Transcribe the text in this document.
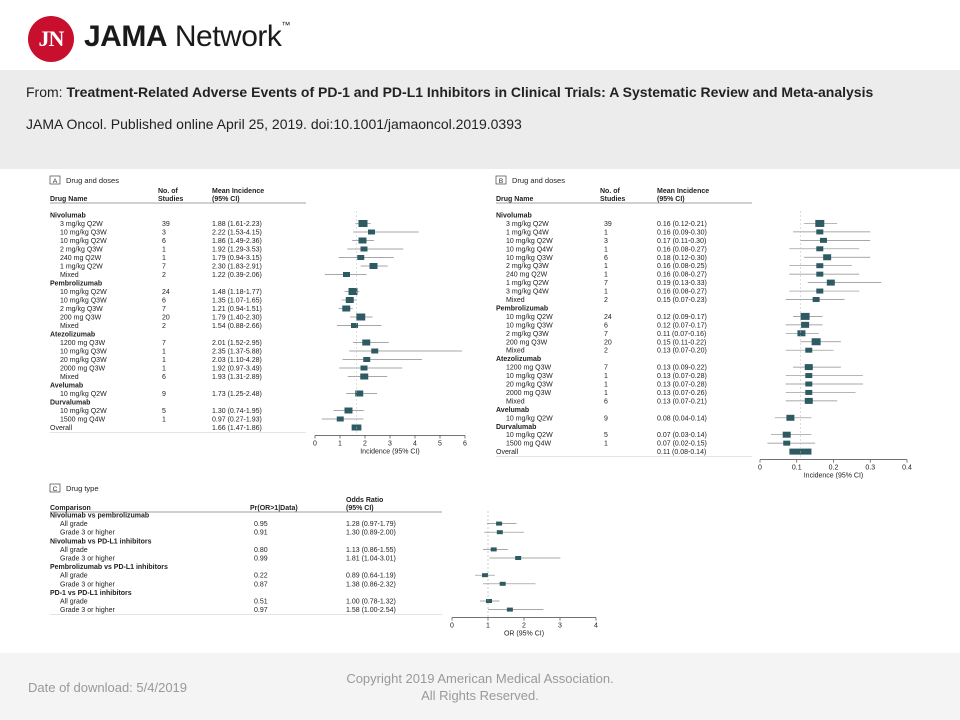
JN JAMA Network™
From: Treatment-Related Adverse Events of PD-1 and PD-L1 Inhibitors in Clinical Trials: A Systematic Review and Meta-analysis
JAMA Oncol. Published online April 25, 2019. doi:10.1001/jamaoncol.2019.0393
A Drug and doses
Drug Name
No. of
Studies
Mean Incidence
(95% CI)
Nivolumab
3 mg/kg Q2W	39	1.88 (1.61-2.23)
10 mg/kg Q3W	3	2.22 (1.53-4.15)
10 mg/kg Q2W	6	1.86 (1.49-2.36)
2 mg/kg Q3W	1	1.92 (1.29-3.53)
240 mg Q2W	1	1.79 (0.94-3.15)
1 mg/kg Q2W	7	2.30 (1.83-2.91)
Mixed	2	1.22 (0.39-2.06)
Pembrolizumab
10 mg/kg Q2W	24	1.48 (1.18-1.77)
10 mg/kg Q3W	6	1.35 (1.07-1.65)
2 mg/kg Q3W	7	1.21 (0.94-1.51)
200 mg Q3W	20	1.79 (1.40-2.30)
Mixed	2	1.54 (0.88-2.66)
Atezolizumab
1200 mg Q3W	7	2.01 (1.52-2.95)
10 mg/kg Q3W	1	2.35 (1.37-5.88)
20 mg/kg Q3W	1	2.03 (1.10-4.28)
2000 mg Q3W	1	1.92 (0.97-3.49)
Mixed	6	1.93 (1.31-2.89)
Avelumab
10 mg/kg Q2W	9	1.73 (1.25-2.48)
Durvalumab
10 mg/kg Q2W	5	1.30 (0.74-1.95)
1500 mg Q4W	1	0.97 (0.27-1.93)
Overall	1.66 (1.47-1.86)
0	1	2	3	4	5	6
Incidence (95% CI)
B Drug and doses
Drug Name
No. of
Studies
Mean Incidence
(95% CI)
Nivolumab
3 mg/kg Q2W	39	0.16 (0.12-0.21)
1 mg/kg Q4W	1	0.16 (0.09-0.30)
10 mg/kg Q2W	3	0.17 (0.11-0.30)
10 mg/kg Q4W	1	0.16 (0.08-0.27)
10 mg/kg Q3W	6	0.18 (0.12-0.30)
2 mg/kg Q3W	1	0.16 (0.08-0.25)
240 mg Q2W	1	0.16 (0.08-0.27)
1 mg/kg Q2W	7	0.19 (0.13-0.33)
3 mg/kg Q4W	1	0.16 (0.08-0.27)
Mixed	2	0.15 (0.07-0.23)
Pembrolizumab
10 mg/kg Q2W	24	0.12 (0.09-0.17)
10 mg/kg Q3W	6	0.12 (0.07-0.17)
2 mg/kg Q3W	7	0.11 (0.07-0.16)
200 mg Q3W	20	0.15 (0.11-0.22)
Mixed	2	0.13 (0.07-0.20)
Atezolizumab
1200 mg Q3W	7	0.13 (0.09-0.22)
10 mg/kg Q3W	1	0.13 (0.07-0.28)
20 mg/kg Q3W	1	0.13 (0.07-0.28)
2000 mg Q3W	1	0.13 (0.07-0.26)
Mixed	6	0.13 (0.07-0.21)
Avelumab
10 mg/kg Q2W	9	0.08 (0.04-0.14)
Durvalumab
10 mg/kg Q2W	5	0.07 (0.03-0.14)
1500 mg Q4W	1	0.07 (0.02-0.15)
Overall	0.11 (0.08-0.14)
0	0.1	0.2	0.3	0.4
Incidence (95% CI)
C Drug type
Comparison	Pr(OR>1|Data)
Odds Ratio
(95% CI)
Nivolumab vs pembrolizumab
All grade	0.95	1.28 (0.97-1.79)
Grade 3 or higher	0.91	1.30 (0.89-2.00)
Nivolumab vs PD-L1 inhibitors
All grade	0.80	1.13 (0.86-1.55)
Grade 3 or higher	0.99	1.81 (1.04-3.01)
Pembrolizumab vs PD-L1 inhibitors
All grade	0.22	0.89 (0.64-1.19)
Grade 3 or higher	0.87	1.38 (0.86-2.32)
PD-1 vs PD-L1 inhibitors
All grade	0.51	1.00 (0.78-1.32)
Grade 3 or higher	0.97	1.58 (1.00-2.54)
0	1	2	3	4
OR (95% CI)
Date of download: 5/4/2019
Copyright 2019 American Medical Association.
All Rights Reserved.
